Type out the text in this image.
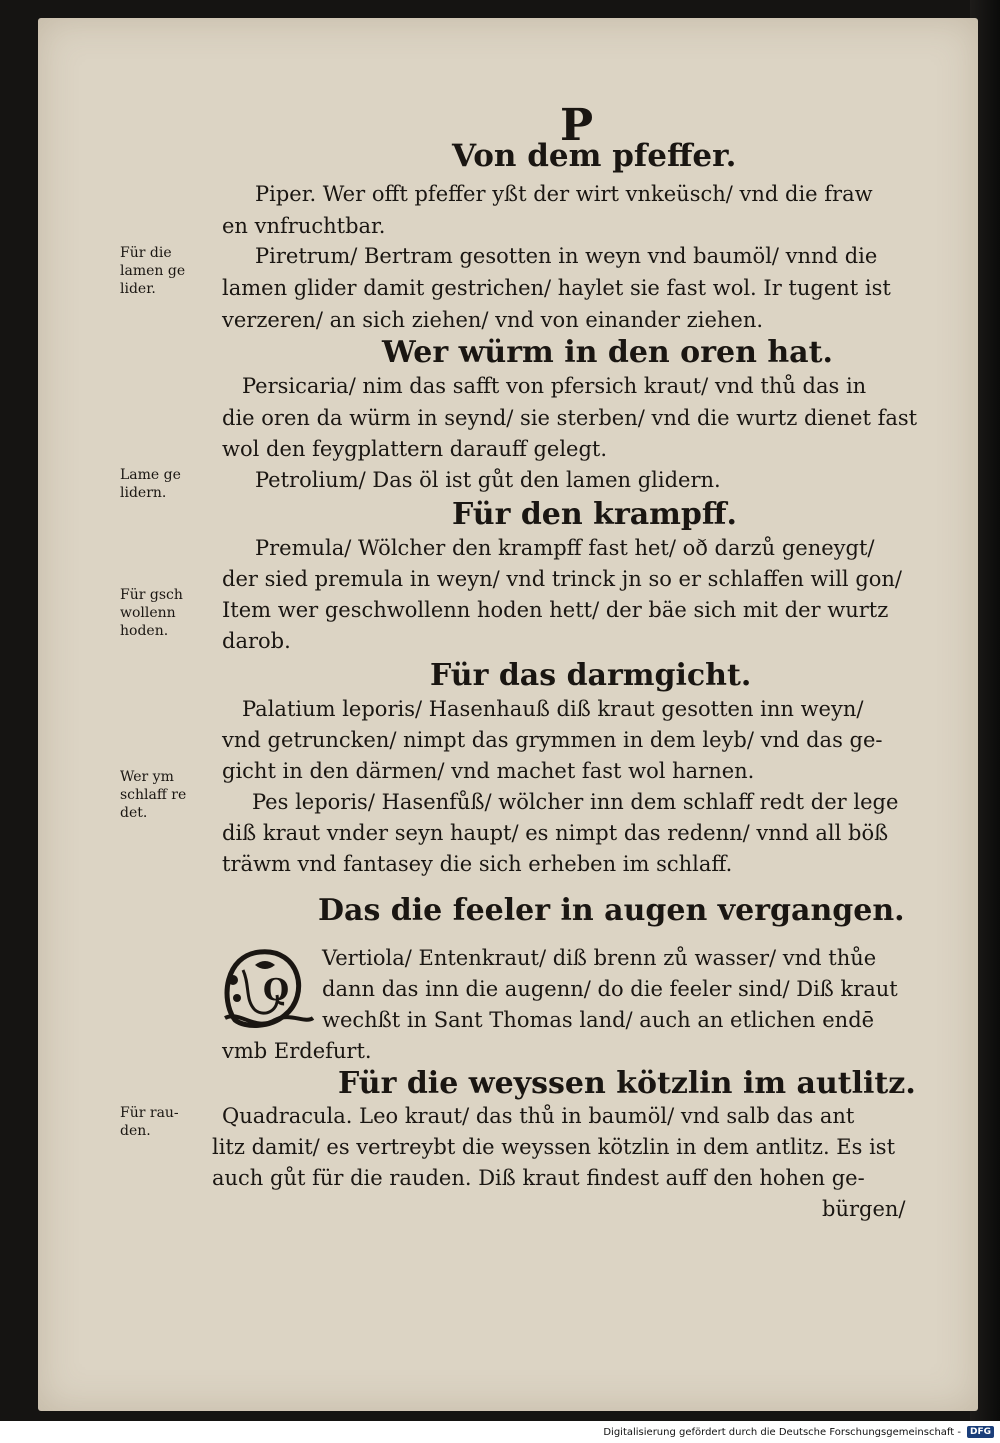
P
Von dem pfeffer.
Piper. Wer offt pfeffer yßt der wirt vnkeüsch/ vnd die fraw
en vnfruchtbar.
Piretrum/ Bertram gesotten in weyn vnd baumöl/ vnnd die
lamen glider damit gestrichen/ haylet sie fast wol. Ir tugent ist
verzeren/ an sich ziehen/ vnd von einander ziehen.
Wer würm in den oren hat.
Persicaria/ nim das safft von pfersich kraut/ vnd thů das in
die oren da würm in seynd/ sie sterben/ vnd die wurtz dienet fast
wol den feygplattern darauff gelegt.
Petrolium/ Das öl ist gůt den lamen glidern.
Für den krampff.
Premula/ Wölcher den krampff fast het/ oð darzů geneygt/
der sied premula in weyn/ vnd trinck jn so er schlaffen will gon/
Item wer geschwollenn hoden hett/ der bäe sich mit der wurtz
darob.
Für das darmgicht.
Palatium leporis/ Hasenhauß diß kraut gesotten inn weyn/
vnd getruncken/ nimpt das grymmen in dem leyb/ vnd das ge-
gicht in den därmen/ vnd machet fast wol harnen.
Pes leporis/ Hasenfůß/ wölcher inn dem schlaff redt der lege
diß kraut vnder seyn haupt/ es nimpt das redenn/ vnnd all böß
träwm vnd fantasey die sich erheben im schlaff.
Das die feeler in augen vergangen.
Q
Vertiola/ Entenkraut/ diß brenn zů wasser/ vnd thůe
dann das inn die augenn/ do die feeler sind/ Diß kraut
wechßt in Sant Thomas land/ auch an etlichen endē
vmb Erdefurt.
Für die weyssen kötzlin im autlitz.
Quadracula. Leo kraut/ das thů in baumöl/ vnd salb das ant
litz damit/ es vertreybt die weyssen kötzlin in dem antlitz. Es ist
auch gůt für die rauden. Diß kraut findest auff den hohen ge-
bürgen/
Für die
lamen ge
lider.
Lame ge
lidern.
Für gsch
wollenn
hoden.
Wer ym
schlaff re
det.
Für rau-
den.
Digitalisierung gefördert durch die Deutsche Forschungsgemeinschaft -	DFG
